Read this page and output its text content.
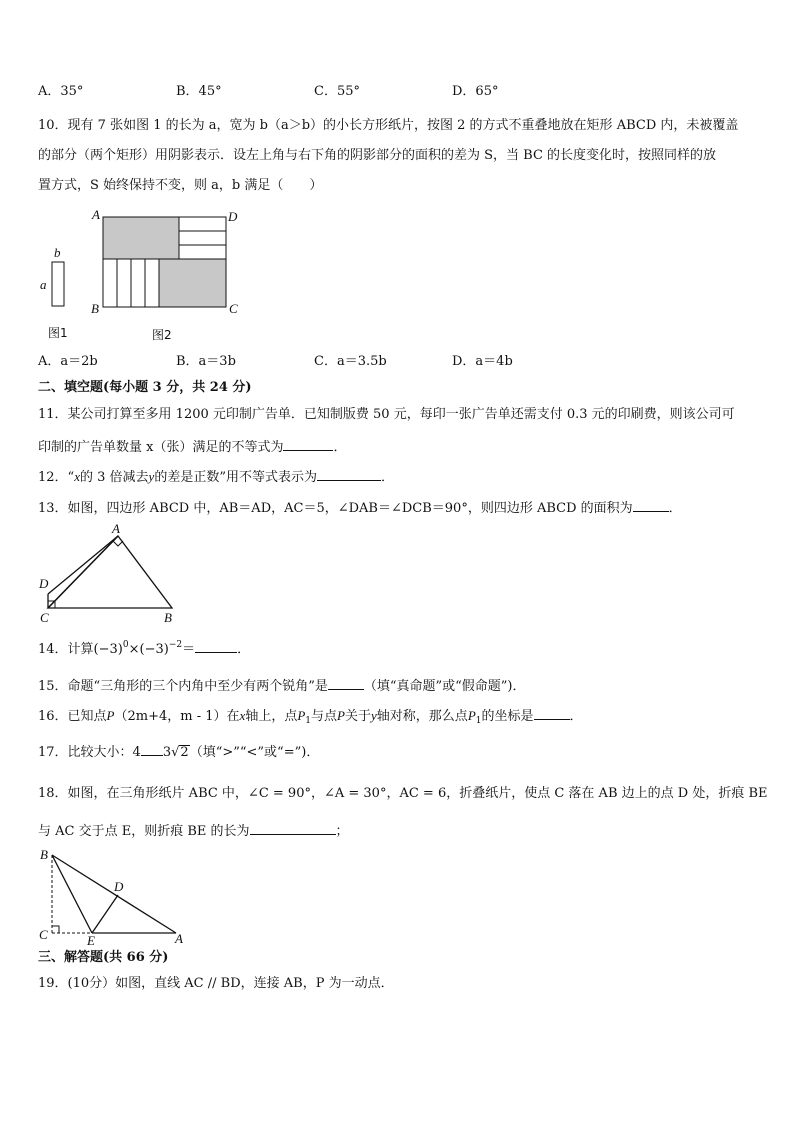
A．35°	B．45°	C．55°	D．65°
10．现有 7 张如图 1 的长为 a，宽为 b（a＞b）的小长方形纸片，按图 2 的方式不重叠地放在矩形 ABCD 内，未被覆盖
的部分（两个矩形）用阴影表示．设左上角与右下角的阴影部分的面积的差为 S，当 BC 的长度变化时，按照同样的放
置方式，S 始终保持不变，则 a，b 满足（　　）
b
a
图1
A	D
B	C
图2
A．a＝2b	B．a＝3b	C．a＝3.5b	D．a＝4b
二、填空题(每小题 3 分，共 24 分)
11．某公司打算至多用 1200 元印制广告单．已知制版费 50 元，每印一张广告单还需支付 0.3 元的印刷费，则该公司可
印制的广告单数量 x（张）满足的不等式为	．
12．“x的 3 倍减去y的差是正数”用不等式表示为	．
13．如图，四边形 ABCD 中，AB＝AD，AC＝5，∠DAB＝∠DCB＝90°，则四边形 ABCD 的面积为	．
A
D
C	B
14．计算$(-3)^0\times(-3)^{-2}=$	．
15．命题“三角形的三个内角中至少有两个锐角”是	（填“真命题”或“假命题”)．
16．已知点P（2m+4，m - 1）在x轴上，点$P_1$与点P关于y轴对称，那么点$P_1$的坐标是	．
17．比较大小：4 3√2（填“>”“<”或“=”)．
18．如图，在三角形纸片 ABC 中，∠C = 90°，∠A = 30°，AC = 6，折叠纸片，使点 C 落在 AB 边上的点 D 处，折痕 BE
与 AC 交于点 E，则折痕 BE 的长为	；
B
D
C	E	A
三、解答题(共 66 分)
19．(10分）如图，直线 AC // BD，连接 AB，P 为一动点．
